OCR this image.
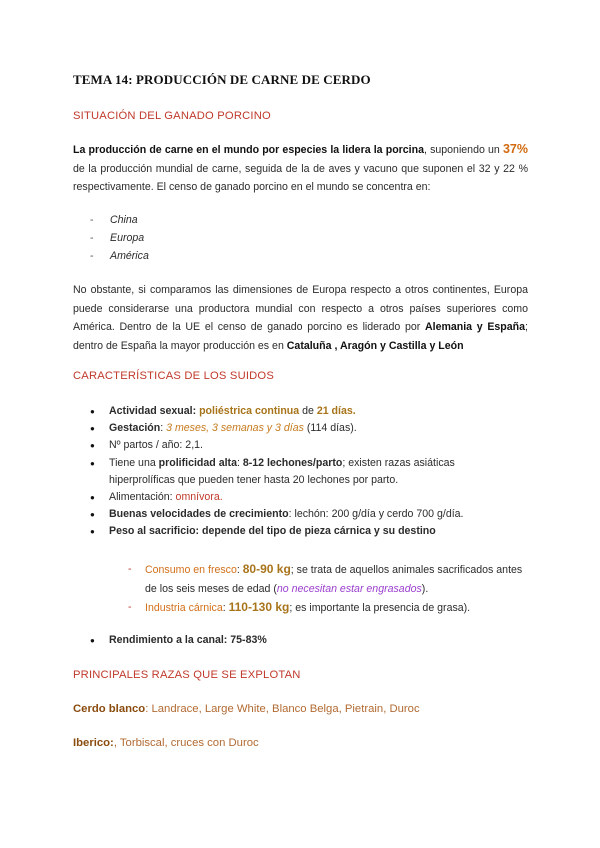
TEMA 14: PRODUCCIÓN DE CARNE DE CERDO
SITUACIÓN DEL GANADO PORCINO
La producción de carne en el mundo por especies la lidera la porcina, suponiendo un 37% de la producción mundial de carne, seguida de la de aves y vacuno que suponen el 32 y 22 % respectivamente. El censo de ganado porcino en el mundo se concentra en:
- China
- Europa
- América
No obstante, si comparamos las dimensiones de Europa respecto a otros continentes, Europa puede considerarse una productora mundial con respecto a otros países superiores como América. Dentro de la UE el censo de ganado porcino es liderado por Alemania y España; dentro de España la mayor producción es en Cataluña , Aragón y Castilla y León
CARACTERÍSTICAS DE LOS SUIDOS
● Actividad sexual: poliéstrica continua de 21 días.
● Gestación: 3 meses, 3 semanas y 3 días (114 días).
● Nº partos / año: 2,1.
● Tiene una prolificidad alta: 8-12 lechones/parto; existen razas asiáticas hiperprolíficas que pueden tener hasta 20 lechones por parto.
● Alimentación: omnívora.
● Buenas velocidades de crecimiento: lechón: 200 g/día y cerdo 700 g/día.
● Peso al sacrificio: depende del tipo de pieza cárnica y su destino
- Consumo en fresco: 80-90 kg; se trata de aquellos animales sacrificados antes de los seis meses de edad (no necesitan estar engrasados).
- Industria cárnica: 110-130 kg; es importante la presencia de grasa).
● Rendimiento a la canal: 75-83%
PRINCIPALES RAZAS QUE SE EXPLOTAN
Cerdo blanco: Landrace, Large White, Blanco Belga, Pietrain, Duroc
Iberico:, Torbiscal, cruces con Duroc
